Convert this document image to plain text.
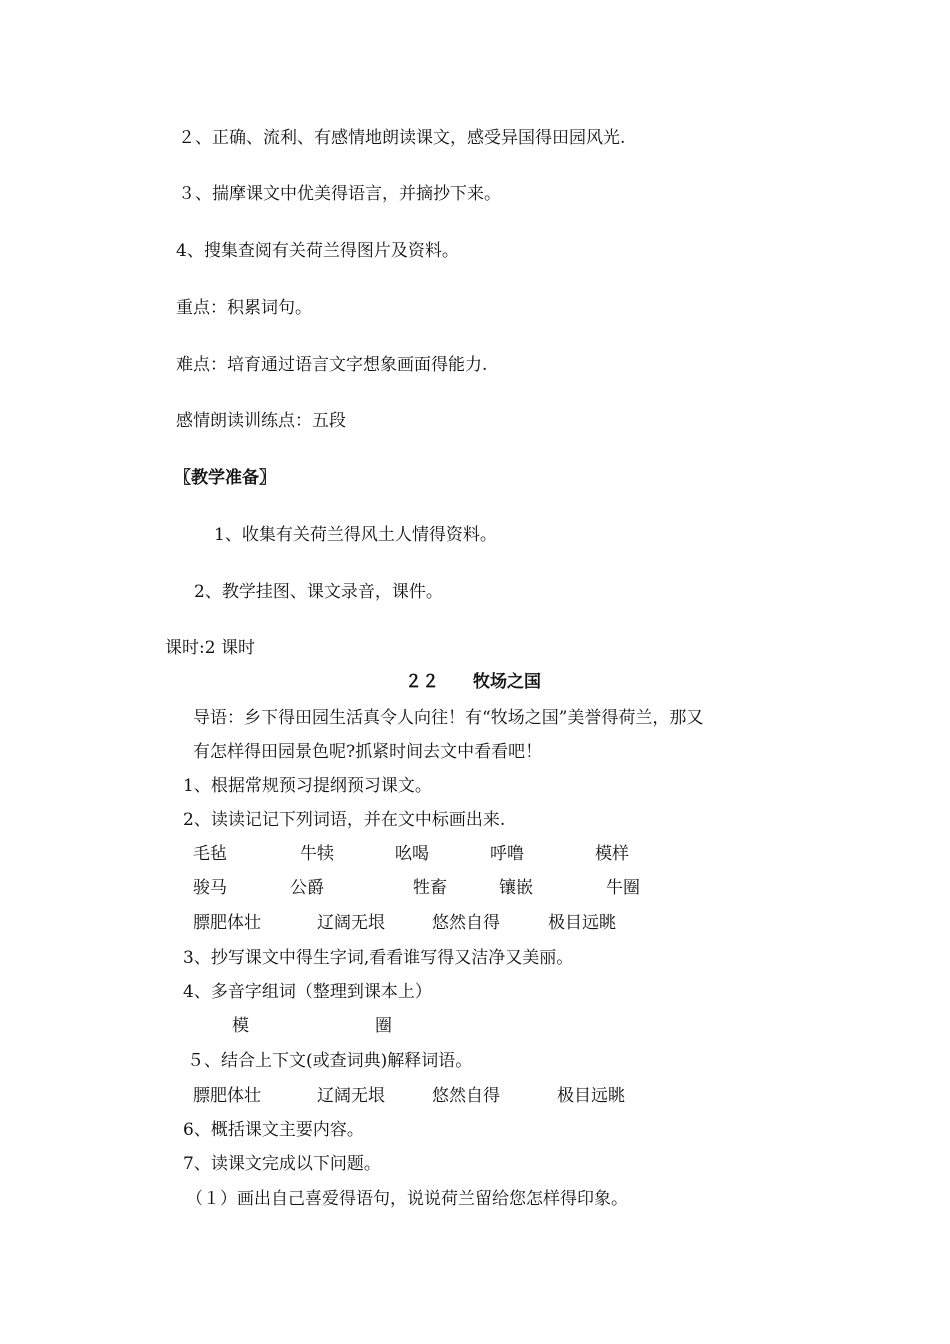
２、正确、流利、有感情地朗读课文，感受异国得田园风光.
３、揣摩课文中优美得语言，并摘抄下来。
4、搜集查阅有关荷兰得图片及资料。
重点：积累词句。
难点：培育通过语言文字想象画面得能力.
感情朗读训练点：五段
〖教学准备〗
1、收集有关荷兰得风土人情得资料。
2、教学挂图、课文录音，课件。
课时:2 课时
２２　　牧场之国
导语：乡下得田园生活真令人向往！有“牧场之国”美誉得荷兰，那又
有怎样得田园景色呢?抓紧时间去文中看看吧！
1、根据常规预习提纲预习课文。
2、读读记记下列词语，并在文中标画出来.
毛毡	牛犊	吆喝	呼噜	模样
骏马	公爵	牲畜	镶嵌	牛圈
膘肥体壮	辽阔无垠	悠然自得	极目远眺
3、抄写课文中得生字词,看看谁写得又洁净又美丽。
4、多音字组词（整理到课本上）
模	圈
５、结合上下文(或查词典)解释词语。
膘肥体壮	辽阔无垠	悠然自得	极目远眺
6、概括课文主要内容。
7、读课文完成以下问题。
（１）画出自己喜爱得语句，说说荷兰留给您怎样得印象。
